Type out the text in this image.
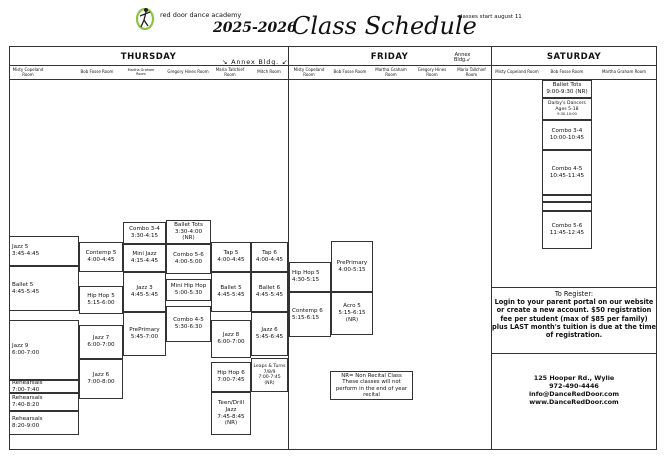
red door dance academy
2025-2026
Class Schedule
classes start august 11
THURSDAY	↘ Annex Bldg. ↙	FRIDAY	Annex
Bldg.↙	SATURDAY
Misty Copeland Room	Bob Fosse Room	Martha Graham Room	Gregory Hines Room	Maria Tallchief Room	Mitch Room	Misty Copeland Room	Bob Fosse Room	Martha Graham Room
Gregory Hines Room
Maria Tallchief Room	Misty Copeland Room	Bob Fosse Room	Martha Graham Room
Jazz 5
3:45-4:45
Ballet 5
4:45-5:45
Jazz 9
6:00-7:00
Rehearsals
7:00-7:40
Rehearsals
7:40-8:20
Rehearsals
8:20-9:00
Contemp 5
4:00-4:45
Hip Hop 5
5:15-6:00
Jazz 7
6:00-7:00
Jazz 6
7:00-8:00
Combo 3-4
3:30-4:15
Mini Jazz
4:15-4:45
Jazz 3
4:45-5:45
PrePrimary
5:45-7:00
Ballet Tots
3:30-4:00 (NR)
Combo 5-6
4:00-5:00
Mini Hip Hop
5:00-5:30
Combo 4-5
5:30-6:30
Tap 5
4:00-4:45
Ballet 5
4:45-5:45
Jazz 8
6:00-7:00
Hip Hop 6
7:00-7:45
Teen/Drill Jazz
7:45-8:45
(NR)
Tap 6
4:00-4:45
Ballet 6
4:45-5:45
Jazz 6
5:45-6:45
Leaps & Turns 7/8/9
7:00-7:45
(NR)
Hip Hop 5
4:30-5:15
Contemp 6
5:15-6:15
PrePrimary
4:00-5:15
Acro 5
5:15-6:15
(NR)
NR= Non Recital Class These classes will not perform in the end of year recital
Ballet Tots
9:00-9:30 (NR)
Darby's Dancers
Ages 5-18
9:30-10:00
Combo 3-4
10:00-10:45
Combo 4-5
10:45-11:45
Combo 5-6
11:45-12:45
To Register:
Login to your parent portal on our website or create a new account. $50 registration fee per student (max of $85 per family) plus LAST month's tuition is due at the time of registration.
125 Hooper Rd., Wylie
972-490-4446
info@DanceRedDoor.com
www.DanceRedDoor.com
